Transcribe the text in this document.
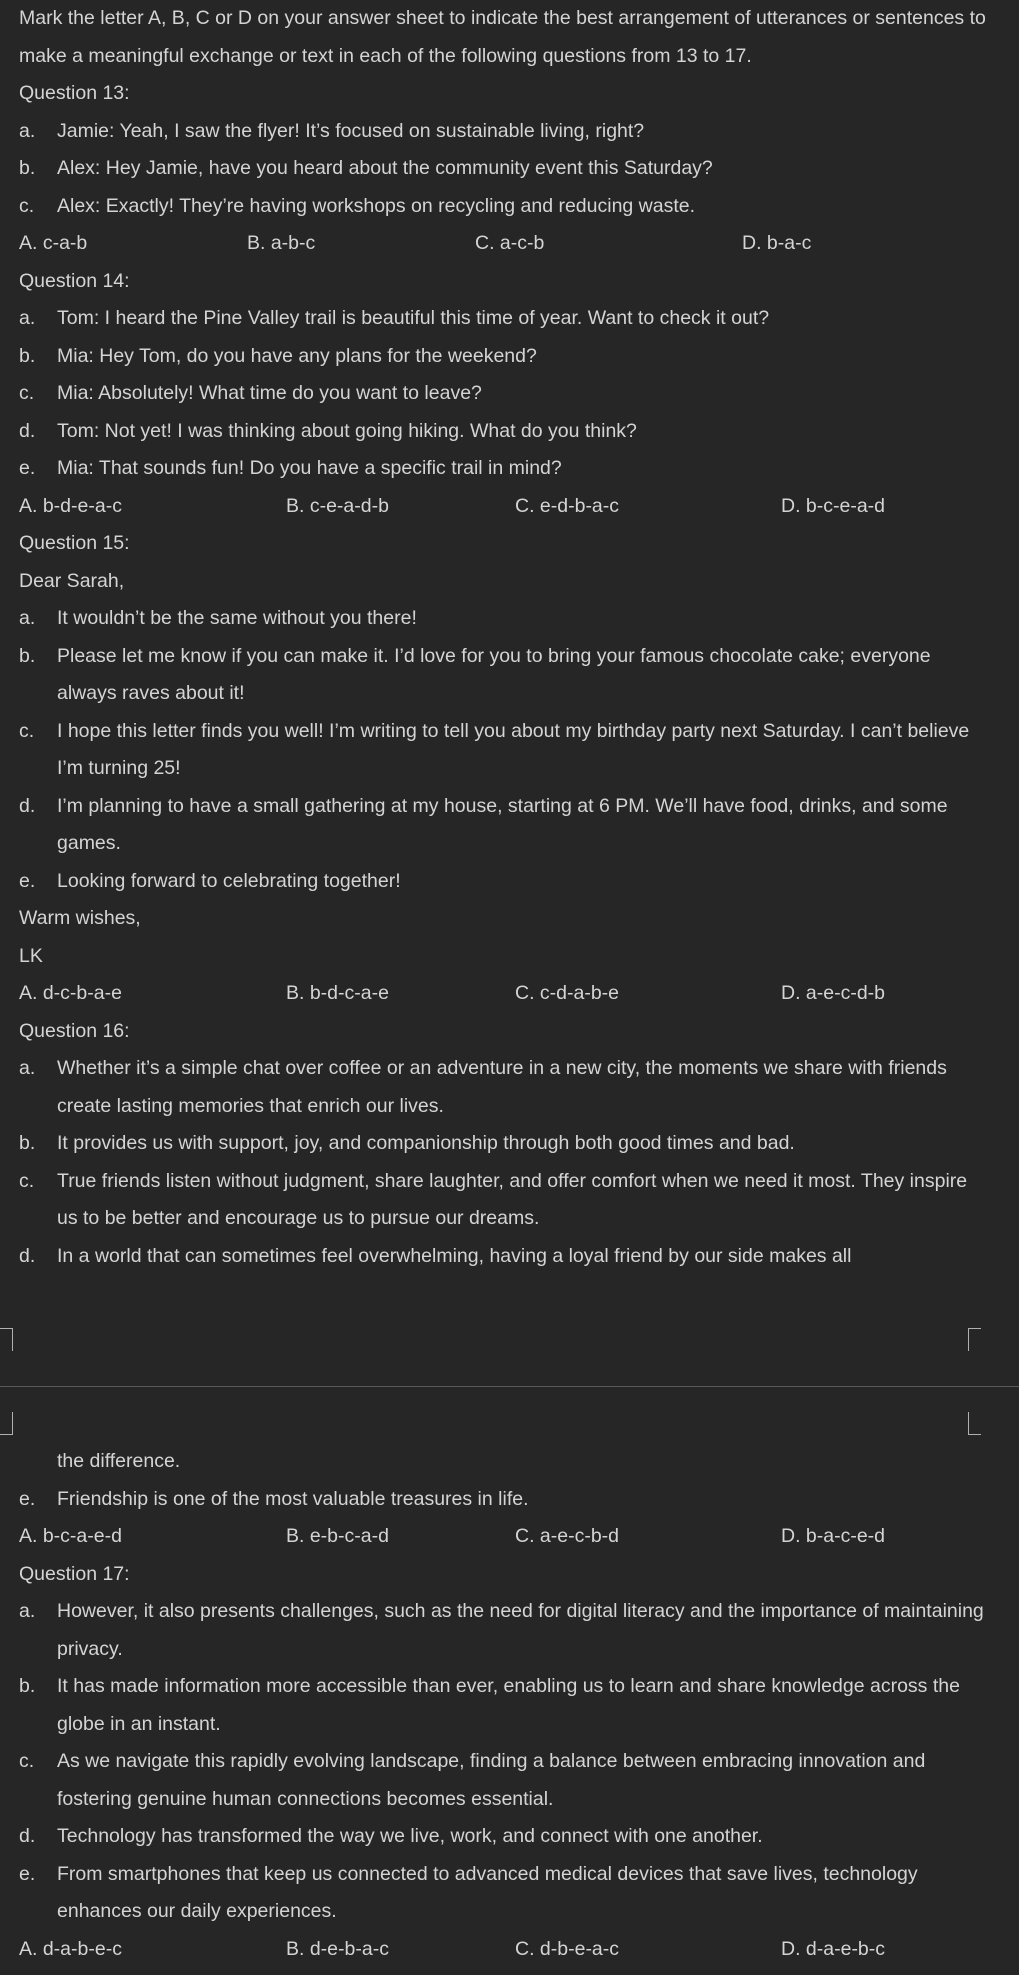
Mark the letter A, B, C or D on your answer sheet to indicate the best arrangement of utterances or sentences to make a meaningful exchange or text in each of the following questions from 13 to 17.
Question 13:
a.	Jamie: Yeah, I saw the flyer! It’s focused on sustainable living, right?
b.	Alex: Hey Jamie, have you heard about the community event this Saturday?
c.	Alex: Exactly! They’re having workshops on recycling and reducing waste.
A. c-a-b	B. a-b-c	C. a-c-b	D. b-a-c
Question 14:
a.	Tom: I heard the Pine Valley trail is beautiful this time of year. Want to check it out?
b.	Mia: Hey Tom, do you have any plans for the weekend?
c.	Mia: Absolutely! What time do you want to leave?
d.	Tom: Not yet! I was thinking about going hiking. What do you think?
e.	Mia: That sounds fun! Do you have a specific trail in mind?
A. b-d-e-a-c	B. c-e-a-d-b	C. e-d-b-a-c	D. b-c-e-a-d
Question 15:
Dear Sarah,
a.	It wouldn’t be the same without you there!
b.	Please let me know if you can make it. I’d love for you to bring your famous chocolate cake; everyone always raves about it!
c.	I hope this letter finds you well! I’m writing to tell you about my birthday party next Saturday. I can’t believe I’m turning 25!
d.	I’m planning to have a small gathering at my house, starting at 6 PM. We’ll have food, drinks, and some games.
e.	Looking forward to celebrating together!
Warm wishes,
LK
A. d-c-b-a-e	B. b-d-c-a-e	C. c-d-a-b-e	D. a-e-c-d-b
Question 16:
a.	Whether it’s a simple chat over coffee or an adventure in a new city, the moments we share with friends create lasting memories that enrich our lives.
b.	It provides us with support, joy, and companionship through both good times and bad.
c.	True friends listen without judgment, share laughter, and offer comfort when we need it most. They inspire us to be better and encourage us to pursue our dreams.
d.	In a world that can sometimes feel overwhelming, having a loyal friend by our side makes all
the difference.
e.	Friendship is one of the most valuable treasures in life.
A. b-c-a-e-d	B. e-b-c-a-d	C. a-e-c-b-d	D. b-a-c-e-d
Question 17:
a.	However, it also presents challenges, such as the need for digital literacy and the importance of maintaining privacy.
b.	It has made information more accessible than ever, enabling us to learn and share knowledge across the globe in an instant.
c.	As we navigate this rapidly evolving landscape, finding a balance between embracing innovation and fostering genuine human connections becomes essential.
d.	Technology has transformed the way we live, work, and connect with one another.
e.	From smartphones that keep us connected to advanced medical devices that save lives, technology enhances our daily experiences.
A. d-a-b-e-c	B. d-e-b-a-c	C. d-b-e-a-c	D. d-a-e-b-c
